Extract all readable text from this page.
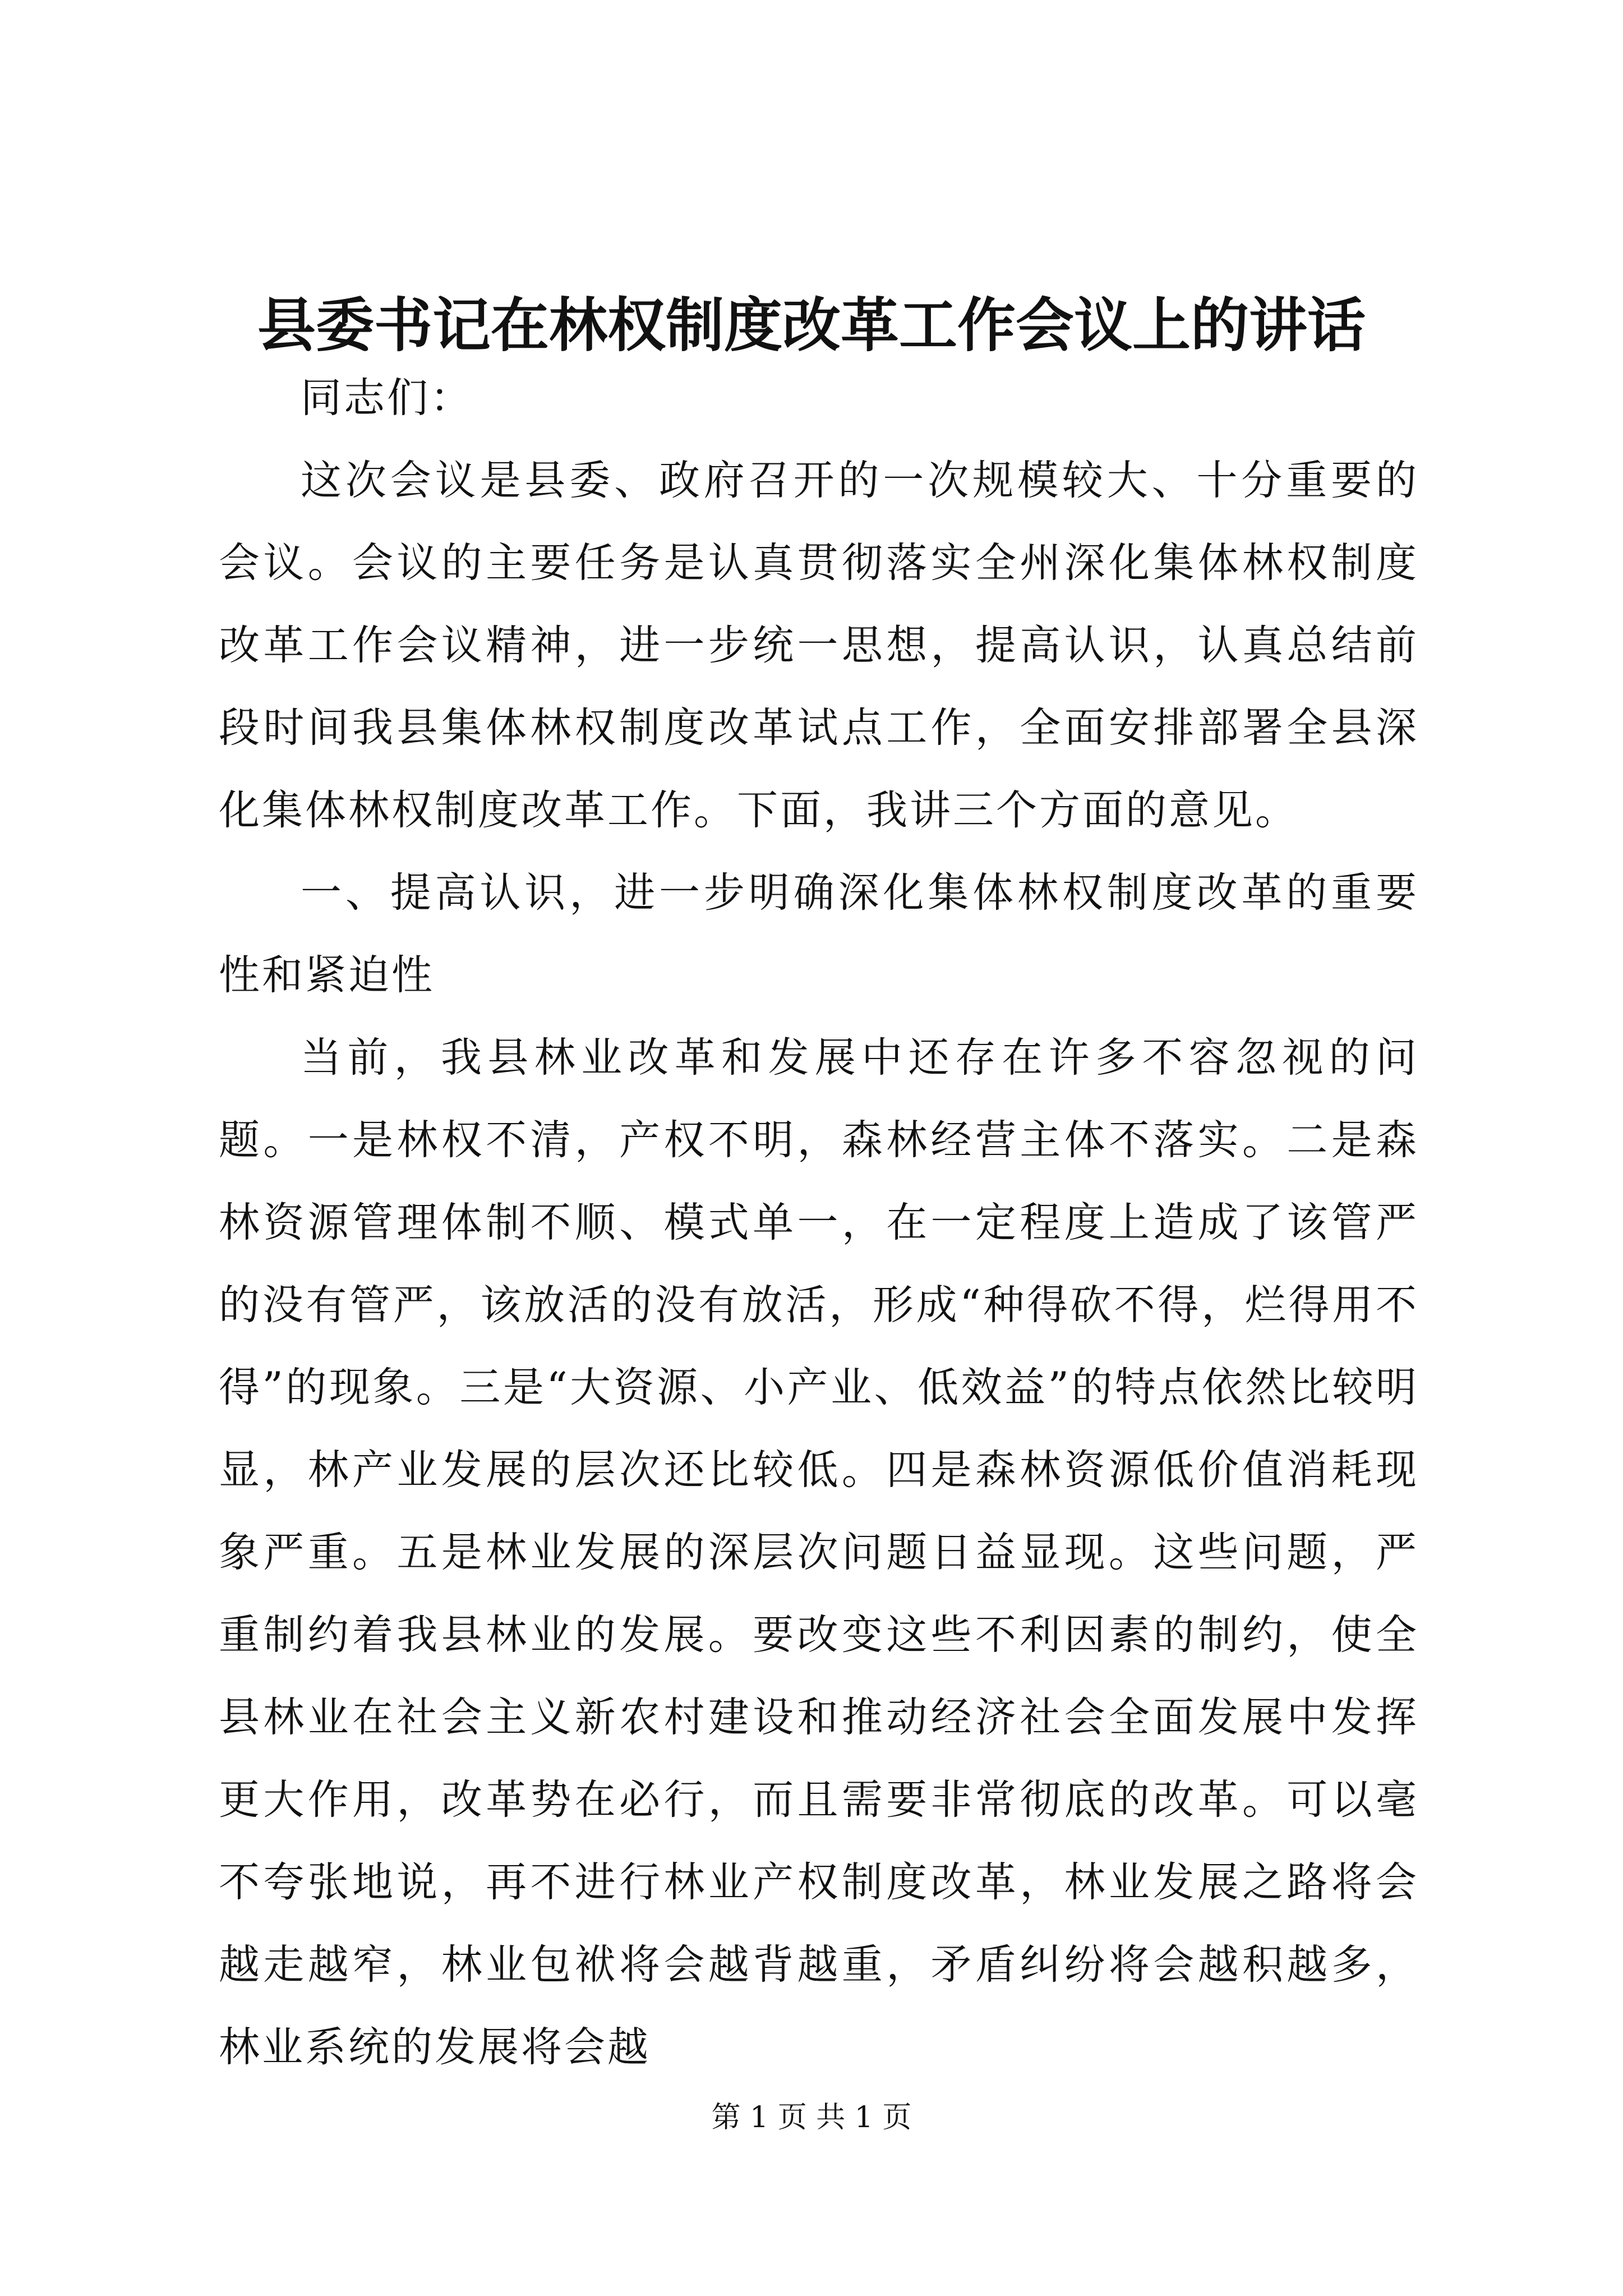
县委书记在林权制度改革工作会议上的讲话

同志们：

这次会议是县委、政府召开的一次规模较大、十分重要的会议。会议的主要任务是认真贯彻落实全州深化集体林权制度改革工作会议精神，进一步统一思想，提高认识，认真总结前段时间我县集体林权制度改革试点工作，全面安排部署全县深化集体林权制度改革工作。下面，我讲三个方面的意见。

一、提高认识，进一步明确深化集体林权制度改革的重要性和紧迫性

当前，我县林业改革和发展中还存在许多不容忽视的问题。一是林权不清，产权不明，森林经营主体不落实。二是森林资源管理体制不顺、模式单一，在一定程度上造成了该管严的没有管严，该放活的没有放活，形成“种得砍不得，烂得用不得”的现象。三是“大资源、小产业、低效益”的特点依然比较明显，林产业发展的层次还比较低。四是森林资源低价值消耗现象严重。五是林业发展的深层次问题日益显现。这些问题，严重制约着我县林业的发展。要改变这些不利因素的制约，使全县林业在社会主义新农村建设和推动经济社会全面发展中发挥更大作用，改革势在必行，而且需要非常彻底的改革。可以毫不夸张地说，再不进行林业产权制度改革，林业发展之路将会越走越窄，林业包袱将会越背越重，矛盾纠纷将会越积越多，林业系统的发展将会越

第 1 页 共 1 页
